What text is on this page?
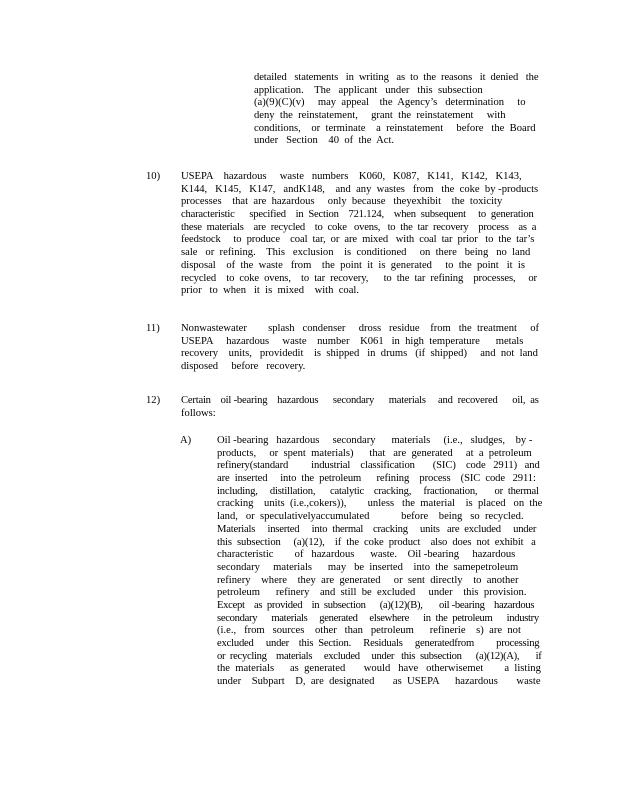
detailed   statements   in  writing   as  to  the  reasons   it  denied   the
application.    The   applicant   under   this  subsection
(a)(9)(C)(v)     may  appeal    the  Agency’s   determination     to
deny  the  reinstatement,     grant  the  reinstatement     with
conditions,    or  terminate    a  reinstatement     before   the  Board
under   Section    40  of  the  Act.
10)	USEPA    hazardous     waste   numbers    K060,   K087,   K141,   K142,   K143,
K144,   K145,   K147,   andK148,    and  any  wastes   from   the  coke  by -products
processes    that  are  hazardous     only  because   theyexhibit    the  toxicity
characteristic      specified    in  Section    721.124,    when  subsequent     to  generation
these  materials    are  recycled    to  coke   ovens,   to  the  tar  recovery    process    as  a
feedstock     to  produce    coal  tar,  or  are  mixed   with  coal  tar  prior   to  the  tar’s
sale   or  refining.    This   exclusion    is  conditioned     on  there   being   no  land
disposal    of  the  waste   from    the  point  it  is  generated     to  the  point   it  is
recycled    to  coke  ovens,    to  tar  recovery,      to  the  tar  refining    processes,     or
prior   to  when   it  is  mixed    with  coal.
11)	Nonwastewater        splash   condenser     dross   residue    from   the  treatment     of
USEPA     hazardous     waste    number    K061   in  high  temperature      metals
recovery    units,   providedit    is  shipped   in  drums   (if  shipped)     and  not  land
disposed     before   recovery.
12)	Certain    oil -bearing    hazardous      secondary      materials     and  recovered      oil,  as
follows:
A)	Oil -bearing   hazardous     secondary      materials     (i.e.,   sludges,    by -
products,     or  spent  materials)      that   are  generated     at  a  petroleum
refinery(standard         industrial    classification       (SIC)    code   2911)   and
are  inserted     into  the  petroleum      refining    process    (SIC  code   2911:
including,     distillation,      catalytic    cracking,     fractionation,       or  thermal
cracking    units  (i.e.,cokers)),        unless   the  material    is  placed   on  the
land,   or  speculativelyaccumulated            before    being   so  recycled.
Materials     inserted     into  thermal    cracking     units   are  excluded     under
this  subsection     (a)(12),    if  the  coke  product    also  does  not  exhibit   a
characteristic        of   hazardous      waste.    Oil -bearing     hazardous
secondary     materials      may   be  inserted    into  the  samepetroleum
refinery    where    they  are  generated     or  sent  directly    to  another
petroleum      refinery    and  still  be  excluded     under    this  provision.
Except    as  provided    in  subsection      (a)(12)(B),       oil -bearing    hazardous
secondary      materials     generated     elsewhere      in  the  petroleum      industry
(i.e.,   from   sources    other   than   petroleum      refinerie    s)  are  not
excluded     under    this  Section.     Residuals     generatedfrom         processing
or  recycling    materials     excluded     under   this  subsection      (a)(12)(A),       if
the  materials      as  generated       would   have   otherwisemet        a  listing
under    Subpart    D,  are  designated       as  USEPA      hazardous       waste
